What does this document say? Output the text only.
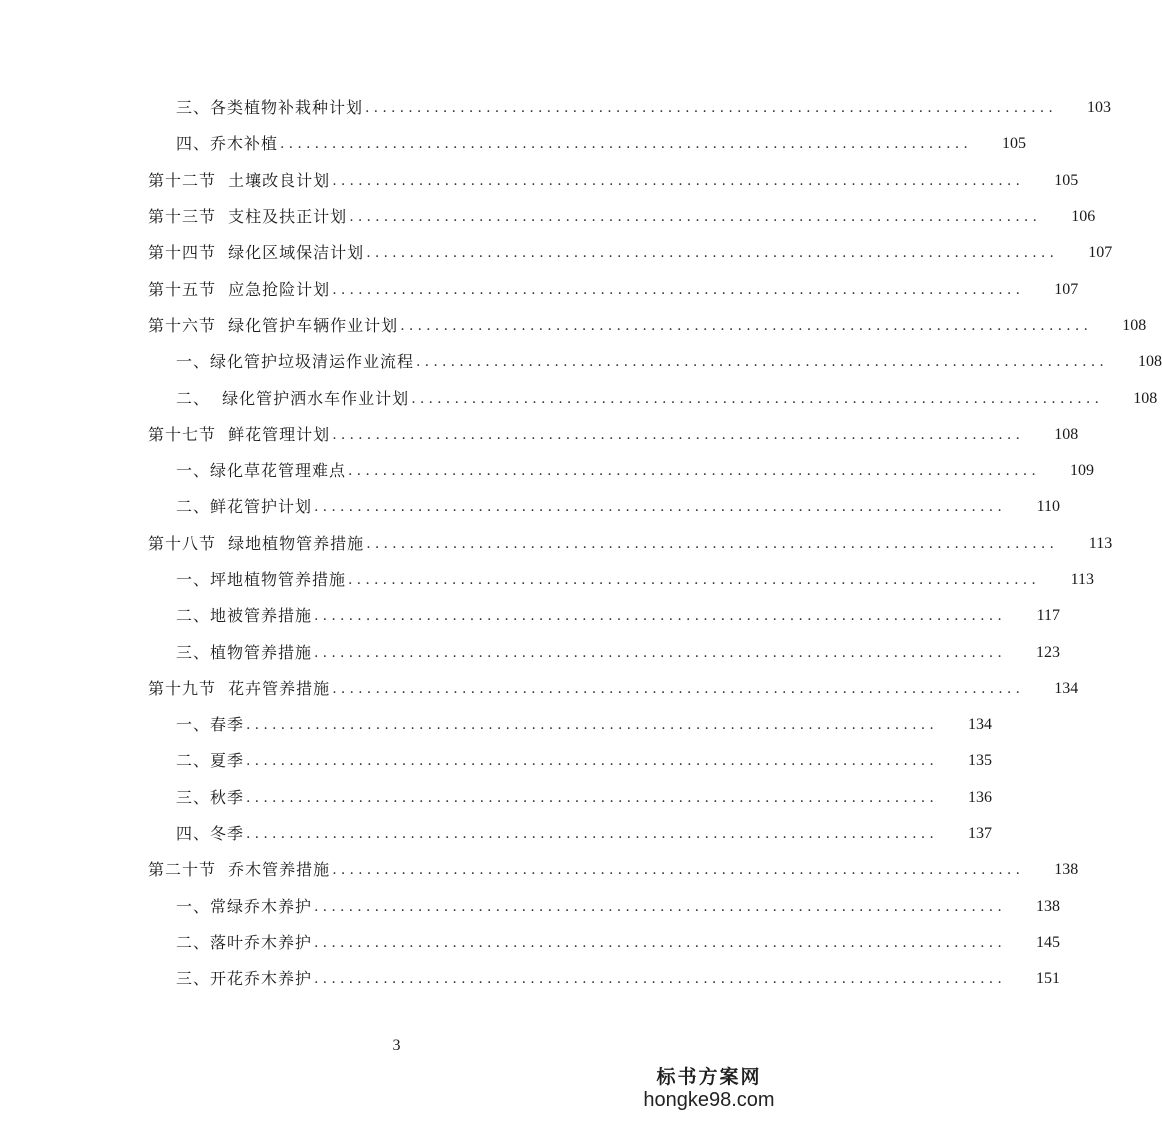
三、各类植物补栽种计划 ................................................................................	103
四、乔木补植 ................................................................................	105
第十二节  土壤改良计划 ................................................................................	105
第十三节  支柱及扶正计划 ................................................................................	106
第十四节  绿化区域保洁计划 ................................................................................	107
第十五节  应急抢险计划 ................................................................................	107
第十六节  绿化管护车辆作业计划 ................................................................................	108
一、绿化管护垃圾清运作业流程 ................................................................................	108
二、  绿化管护洒水车作业计划 ................................................................................	108
第十七节  鲜花管理计划 ................................................................................	108
一、绿化草花管理难点 ................................................................................	109
二、鲜花管护计划 ................................................................................	110
第十八节  绿地植物管养措施 ................................................................................	113
一、坪地植物管养措施 ................................................................................	113
二、地被管养措施 ................................................................................	117
三、植物管养措施 ................................................................................	123
第十九节  花卉管养措施 ................................................................................	134
一、春季 ................................................................................	134
二、夏季 ................................................................................	135
三、秋季 ................................................................................	136
四、冬季 ................................................................................	137
第二十节  乔木管养措施 ................................................................................	138
一、常绿乔木养护 ................................................................................	138
二、落叶乔木养护 ................................................................................	145
三、开花乔木养护 ................................................................................	151
3
标书方案网
hongke98.com
